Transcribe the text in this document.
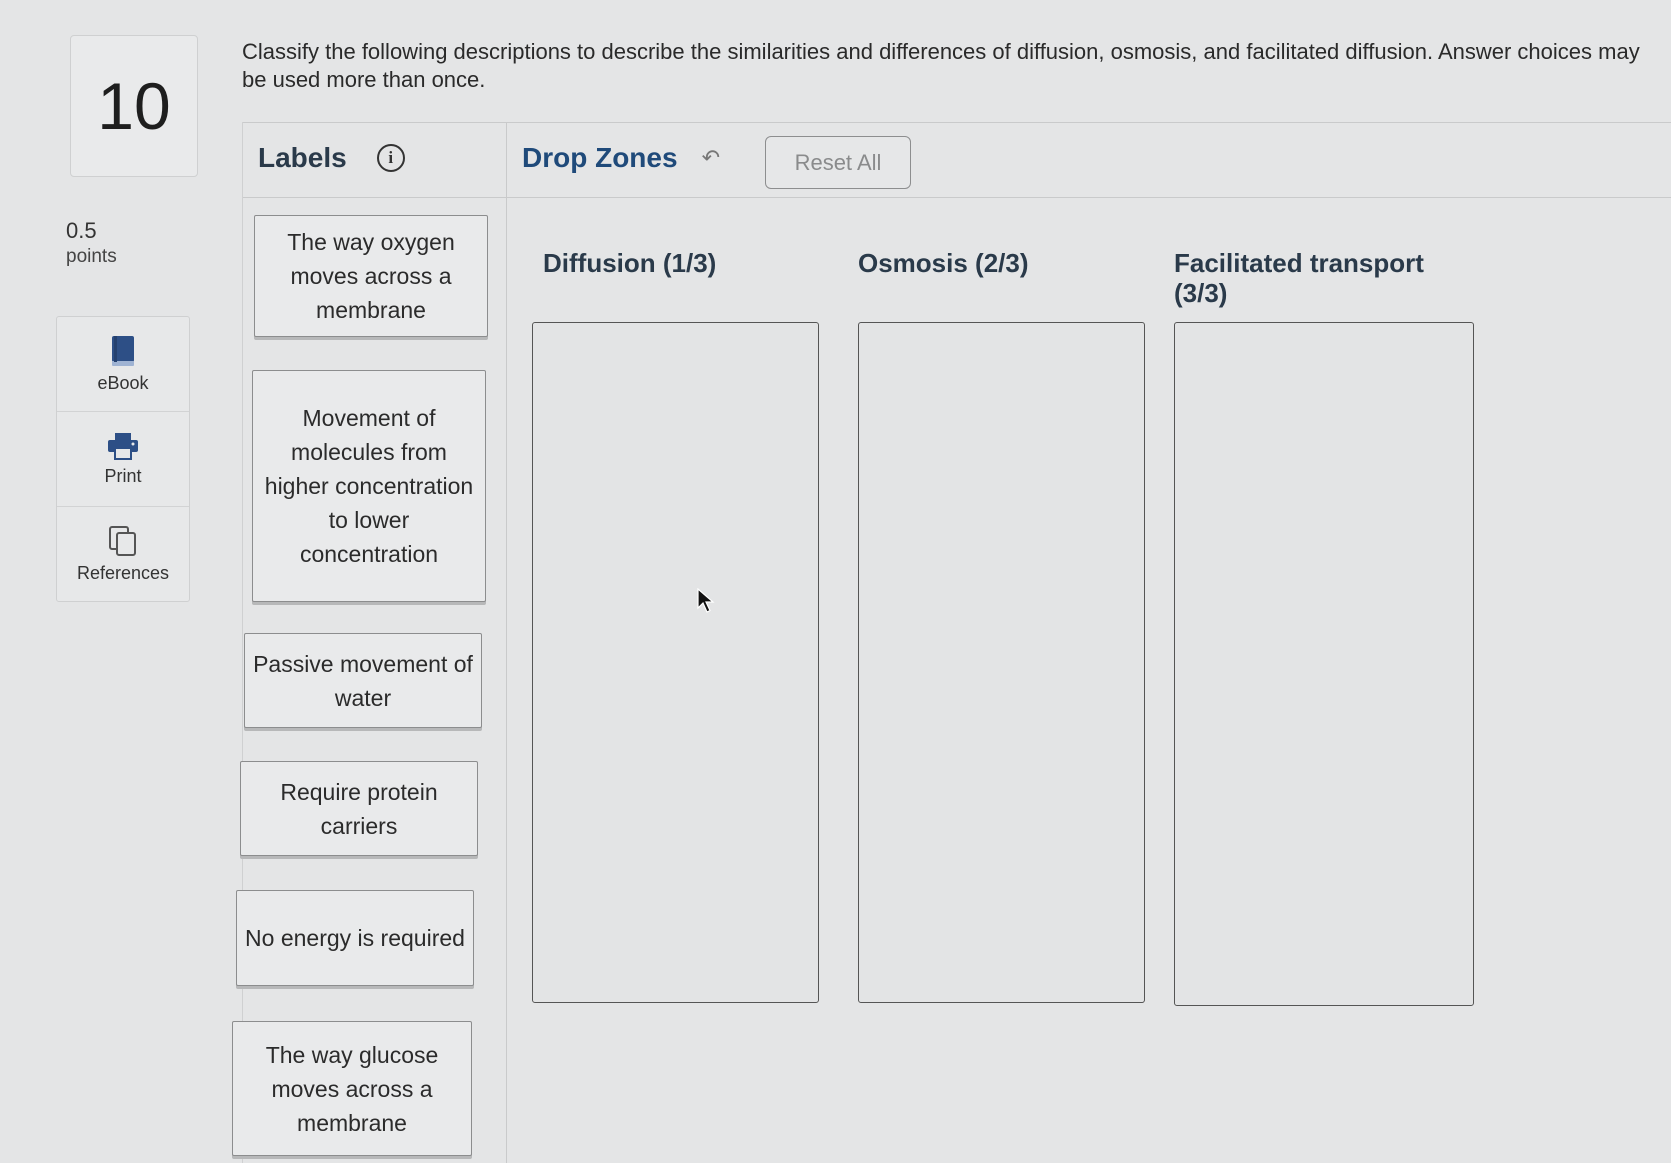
10
0.5
points
eBook
Print
References
Classify the following descriptions to describe the similarities and differences of diffusion, osmosis, and facilitated diffusion. Answer choices may be used more than once.
Labels	i	Drop Zones ↶	Reset All
The way oxygen moves across a membrane
Movement of molecules from higher concentration to lower concentration
Passive movement of water
Require protein carriers
No energy is required
The way glucose moves across a membrane
Diffusion (1/3)	Osmosis (2/3)	Facilitated transport (3/3)
